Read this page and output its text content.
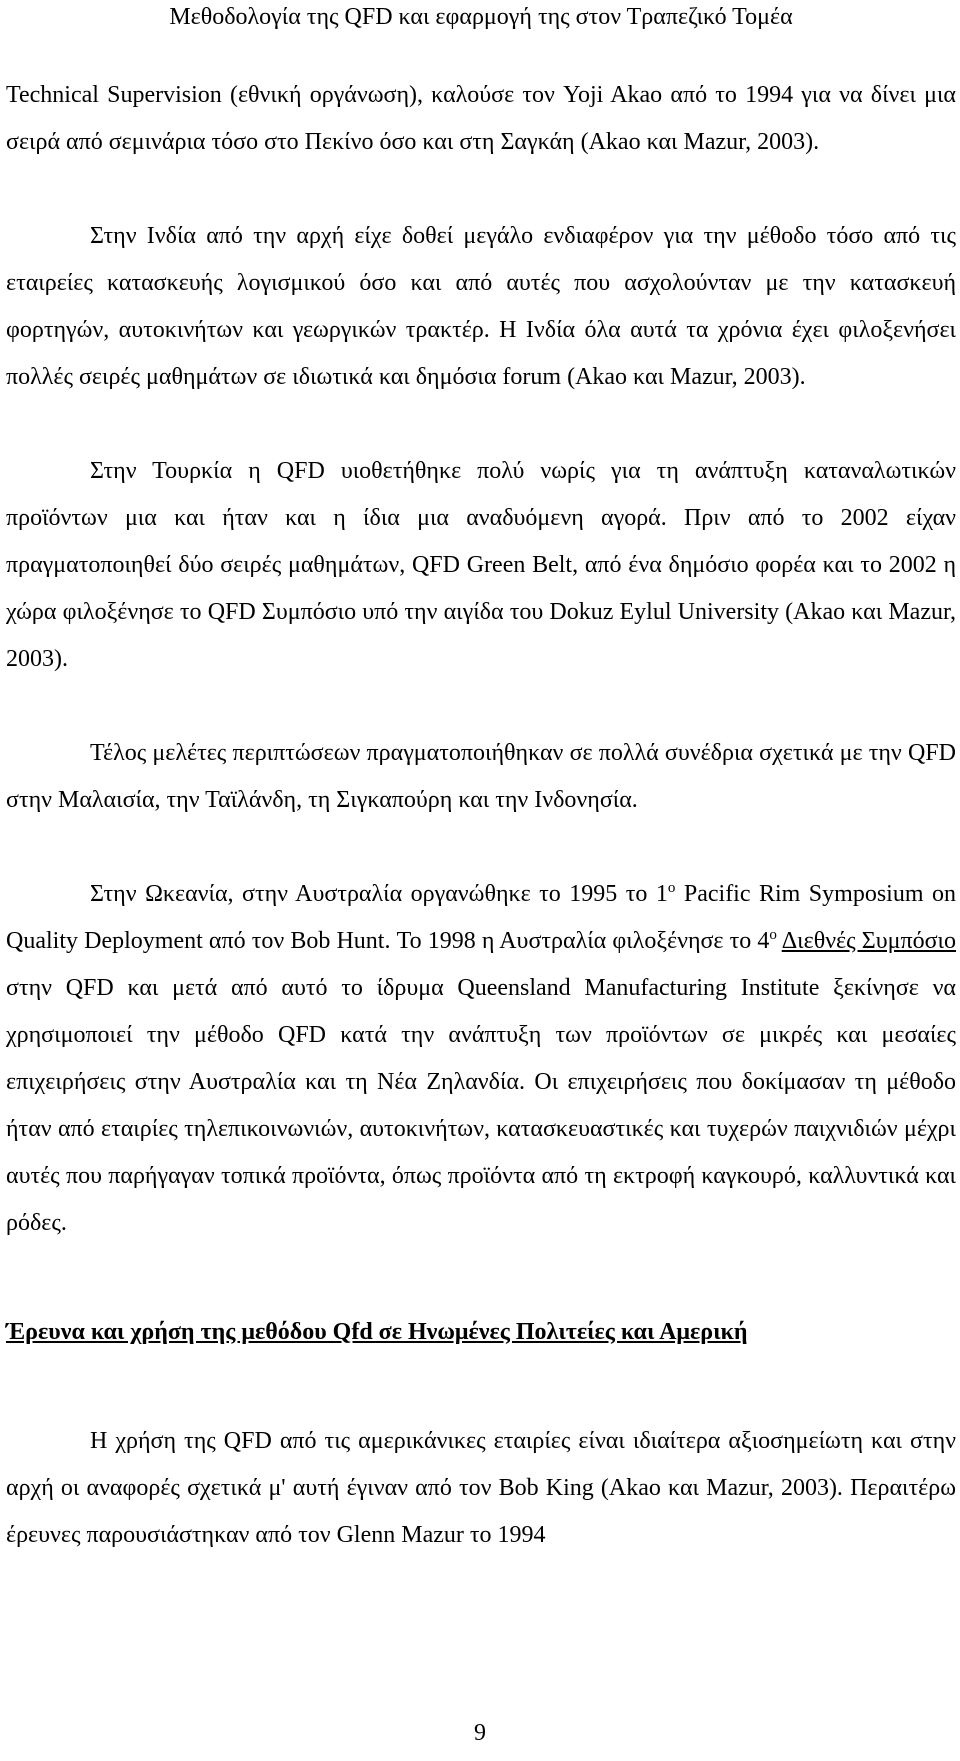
Μεθοδολογία της QFD και εφαρμογή της στον Τραπεζικό Τομέα

Technical Supervision (εθνική οργάνωση), καλούσε τον Yoji Akao από το 1994 για να δίνει μια σειρά από σεμινάρια τόσο στο Πεκίνο όσο και στη Σαγκάη (Akao και Mazur, 2003).

Στην Ινδία από την αρχή είχε δοθεί μεγάλο ενδιαφέρον για την μέθοδο τόσο από τις εταιρείες κατασκευής λογισμικού όσο και από αυτές που ασχολούνταν με την κατασκευή φορτηγών, αυτοκινήτων και γεωργικών τρακτέρ. Η Ινδία όλα αυτά τα χρόνια έχει φιλοξενήσει πολλές σειρές μαθημάτων σε ιδιωτικά και δημόσια forum (Akao και Mazur, 2003).

Στην Τουρκία η QFD υιοθετήθηκε πολύ νωρίς για τη ανάπτυξη καταναλωτικών προϊόντων μια και ήταν και η ίδια μια αναδυόμενη αγορά. Πριν από το 2002 είχαν πραγματοποιηθεί δύο σειρές μαθημάτων, QFD Green Belt, από ένα δημόσιο φορέα και το 2002 η χώρα φιλοξένησε το QFD Συμπόσιο υπό την αιγίδα του Dokuz Eylul University (Akao και Mazur, 2003).

Τέλος μελέτες περιπτώσεων πραγματοποιήθηκαν σε πολλά συνέδρια σχετικά με την QFD στην Μαλαισία, την Ταϊλάνδη, τη Σιγκαπούρη και την Ινδονησία.

Στην Ωκεανία, στην Αυστραλία οργανώθηκε το 1995 το $1^o$ Pacific Rim Symposium on Quality Deployment από τον Bob Hunt. Το 1998 η Αυστραλία φιλοξένησε το $4^o$ Διεθνές Συμπόσιο στην QFD και μετά από αυτό το ίδρυμα Queensland Manufacturing Institute ξεκίνησε να χρησιμοποιεί την μέθοδο QFD κατά την ανάπτυξη των προϊόντων σε μικρές και μεσαίες επιχειρήσεις στην Αυστραλία και τη Νέα Ζηλανδία. Οι επιχειρήσεις που δοκίμασαν τη μέθοδο ήταν από εταιρίες τηλεπικοινωνιών, αυτοκινήτων, κατασκευαστικές και τυχερών παιχνιδιών μέχρι αυτές που παρήγαγαν τοπικά προϊόντα, όπως προϊόντα από τη εκτροφή καγκουρό, καλλυντικά και ρόδες.

Έρευνα και χρήση της μεθόδου Qfd σε Ηνωμένες Πολιτείες και Αμερική

Η χρήση της QFD από τις αμερικάνικες εταιρίες είναι ιδιαίτερα αξιοσημείωτη και στην αρχή οι αναφορές σχετικά μ' αυτή έγιναν από τον Bob King (Akao και Mazur, 2003). Περαιτέρω έρευνες παρουσιάστηκαν από τον Glenn Mazur το 1994

9
